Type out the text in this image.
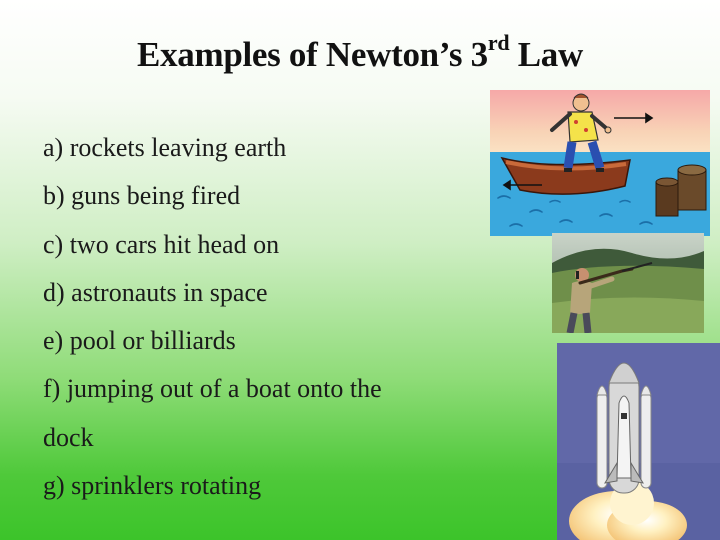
Examples of Newton’s 3rd Law
a) rockets leaving earth
b) guns being fired
c) two cars hit head on
d) astronauts in space
e) pool or billiards
f) jumping out of a boat onto the dock
g) sprinklers rotating
